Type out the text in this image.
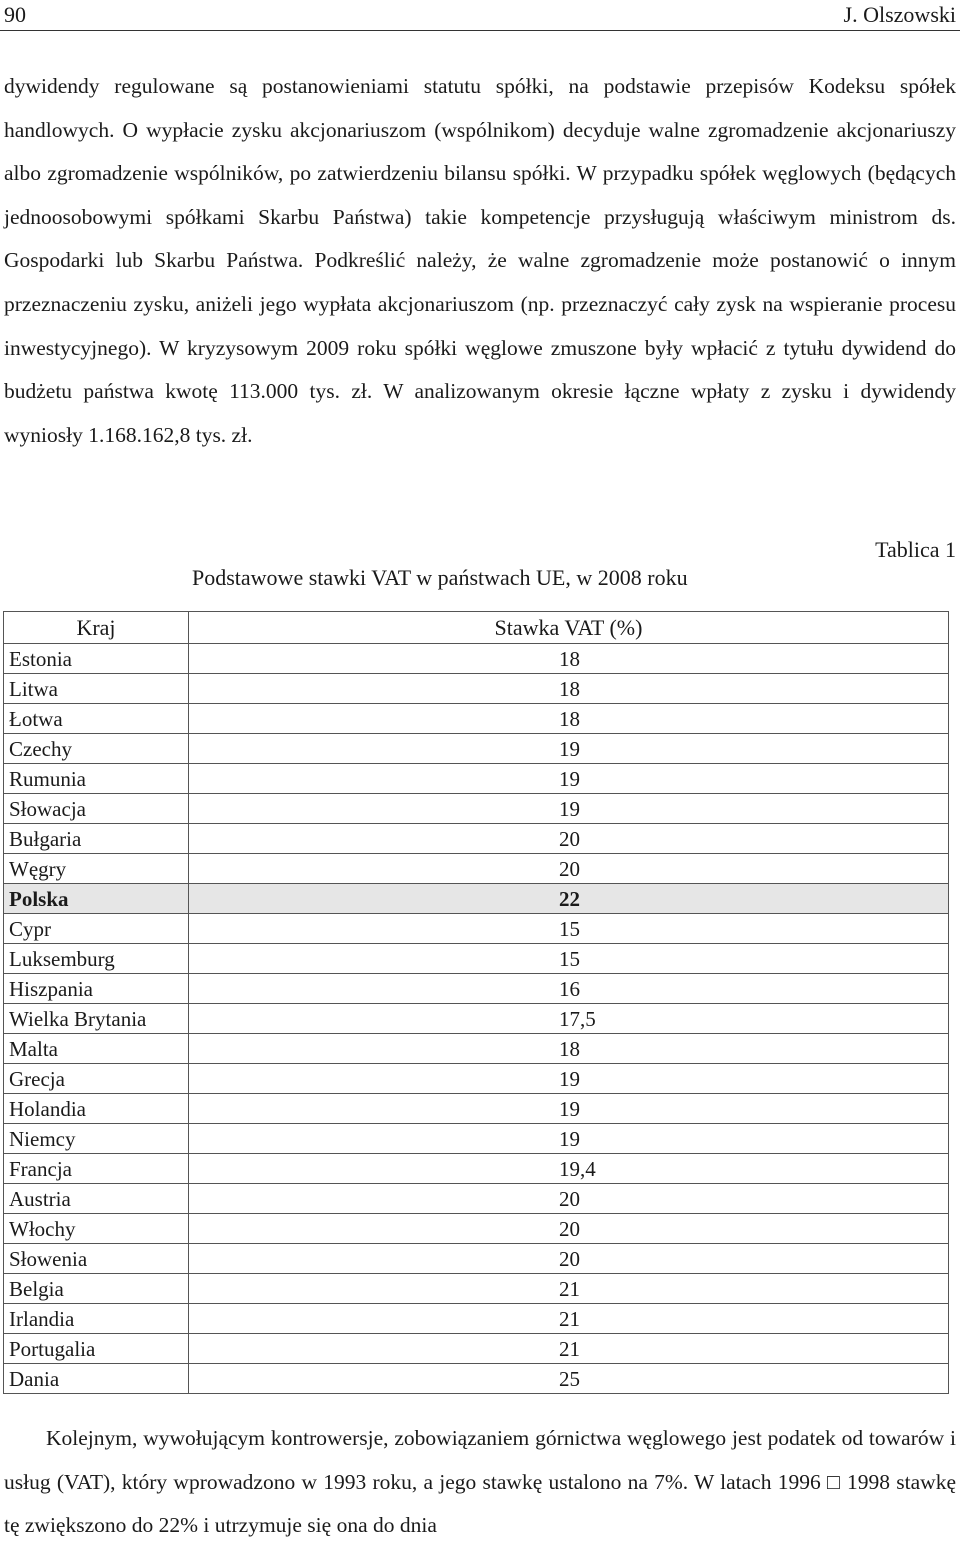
90	J. Olszowski

dywidendy regulowane są postanowieniami statutu spółki, na podstawie przepisów Kodeksu spółek handlowych. O wypłacie zysku akcjonariuszom (wspólnikom) decyduje walne zgromadzenie akcjonariuszy albo zgromadzenie wspólników, po zatwierdzeniu bilansu spółki. W przypadku spółek węglowych (będących jednoosobowymi spółkami Skarbu Państwa) takie kompetencje przysługują właściwym ministrom ds. Gospodarki lub Skarbu Państwa. Podkreślić należy, że walne zgromadzenie może postanowić o innym przeznaczeniu zysku, aniżeli jego wypłata akcjonariuszom (np. przeznaczyć cały zysk na wspieranie procesu inwestycyjnego). W kryzysowym 2009 roku spółki węglowe zmuszone były wpłacić z tytułu dywidend do budżetu państwa kwotę 113.000 tys. zł. W analizowanym okresie łączne wpłaty z zysku i dywidendy wyniosły 1.168.162,8 tys. zł.

Tablica 1
Podstawowe stawki VAT w państwach UE, w 2008 roku
Kraj	Stawka VAT (%)
Estonia	18
Litwa	18
Łotwa	18
Czechy	19
Rumunia	19
Słowacja	19
Bułgaria	20
Węgry	20
Polska	22
Cypr	15
Luksemburg	15
Hiszpania	16
Wielka Brytania	17,5
Malta	18
Grecja	19
Holandia	19
Niemcy	19
Francja	19,4
Austria	20
Włochy	20
Słowenia	20
Belgia	21
Irlandia	21
Portugalia	21
Dania	25

Kolejnym, wywołującym kontrowersje, zobowiązaniem górnictwa węglowego jest podatek od towarów i usług (VAT), który wprowadzono w 1993 roku, a jego stawkę ustalono na 7%. W latach 1996 □ 1998 stawkę tę zwiększono do 22% i utrzymuje się ona do dnia
